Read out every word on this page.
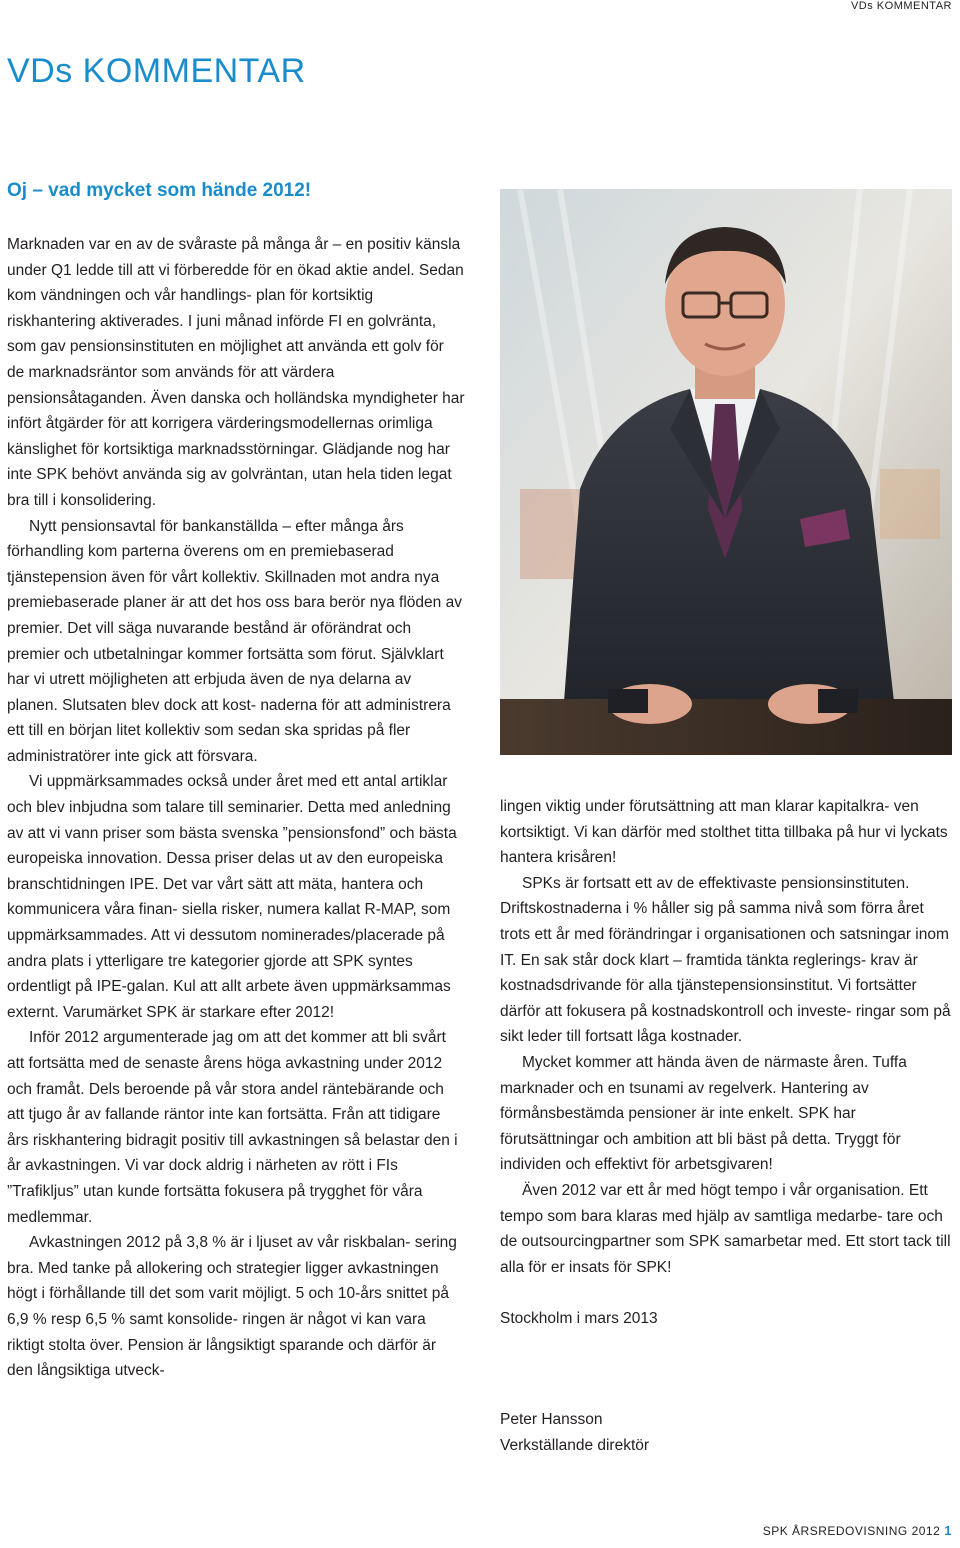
VDs KOMMENTAR
VDs KOMMENTAR
Oj – vad mycket som hände 2012!

Marknaden var en av de svåraste på många år – en positiv känsla under Q1 ledde till att vi förberedde för en ökad aktie andel. Sedan kom vändningen och vår handlings- plan för kortsiktig riskhantering aktiverades. I juni månad införde FI en golvränta, som gav pensionsinstituten en möjlighet att använda ett golv för de marknadsräntor som används för att värdera pensionsåtaganden. Även danska och holländska myndigheter har infört åtgärder för att korrigera värderingsmodellernas orimliga känslighet för kortsiktiga marknadsstörningar. Glädjande nog har inte SPK behövt använda sig av golvräntan, utan hela tiden legat bra till i konsolidering.

Nytt pensionsavtal för bankanställda – efter många års förhandling kom parterna överens om en premiebaserad tjänstepension även för vårt kollektiv. Skillnaden mot andra nya premiebaserade planer är att det hos oss bara berör nya flöden av premier. Det vill säga nuvarande bestånd är oförändrat och premier och utbetalningar kommer fortsätta som förut. Självklart har vi utrett möjligheten att erbjuda även de nya delarna av planen. Slutsaten blev dock att kost- naderna för att administrera ett till en början litet kollektiv som sedan ska spridas på fler administratörer inte gick att försvara.

Vi uppmärksammades också under året med ett antal artiklar och blev inbjudna som talare till seminarier. Detta med anledning av att vi vann priser som bästa svenska ”pensionsfond” och bästa europeiska innovation. Dessa priser delas ut av den europeiska branschtidningen IPE. Det var vårt sätt att mäta, hantera och kommunicera våra finan- siella risker, numera kallat R-MAP, som uppmärksammades. Att vi dessutom nominerades/placerade på andra plats i ytterligare tre kategorier gjorde att SPK syntes ordentligt på IPE-galan. Kul att allt arbete även uppmärksammas externt. Varumärket SPK är starkare efter 2012!

Inför 2012 argumenterade jag om att det kommer att bli svårt att fortsätta med de senaste årens höga avkastning under 2012 och framåt. Dels beroende på vår stora andel räntebärande och att tjugo år av fallande räntor inte kan fortsätta. Från att tidigare års riskhantering bidragit positiv till avkastningen så belastar den i år avkastningen. Vi var dock aldrig i närheten av rött i FIs ”Trafikljus” utan kunde fortsätta fokusera på trygghet för våra medlemmar.

Avkastningen 2012 på 3,8 % är i ljuset av vår riskbalan- sering bra. Med tanke på allokering och strategier ligger avkastningen högt i förhållande till det som varit möjligt. 5 och 10-års snittet på 6,9 % resp 6,5 % samt konsolide- ringen är något vi kan vara riktigt stolta över. Pension är långsiktigt sparande och därför är den långsiktiga utveck-

lingen viktig under förutsättning att man klarar kapitalkra- ven kortsiktigt. Vi kan därför med stolthet titta tillbaka på hur vi lyckats hantera krisåren!

SPKs är fortsatt ett av de effektivaste pensionsinstituten. Driftskostnaderna i % håller sig på samma nivå som förra året trots ett år med förändringar i organisationen och satsningar inom IT. En sak står dock klart – framtida tänkta reglerings- krav är kostnadsdrivande för alla tjänstepensionsinstitut. Vi fortsätter därför att fokusera på kostnadskontroll och investe- ringar som på sikt leder till fortsatt låga kostnader.

Mycket kommer att hända även de närmaste åren. Tuffa marknader och en tsunami av regelverk. Hantering av förmånsbestämda pensioner är inte enkelt. SPK har förutsättningar och ambition att bli bäst på detta. Tryggt för individen och effektivt för arbetsgivaren!

Även 2012 var ett år med högt tempo i vår organisation. Ett tempo som bara klaras med hjälp av samtliga medarbe- tare och de outsourcingpartner som SPK samarbetar med. Ett stort tack till alla för er insats för SPK!

Stockholm i mars 2013

Peter Hansson

Verkställande direktör

SPK ÅRSREDOVISNING 2012 1
